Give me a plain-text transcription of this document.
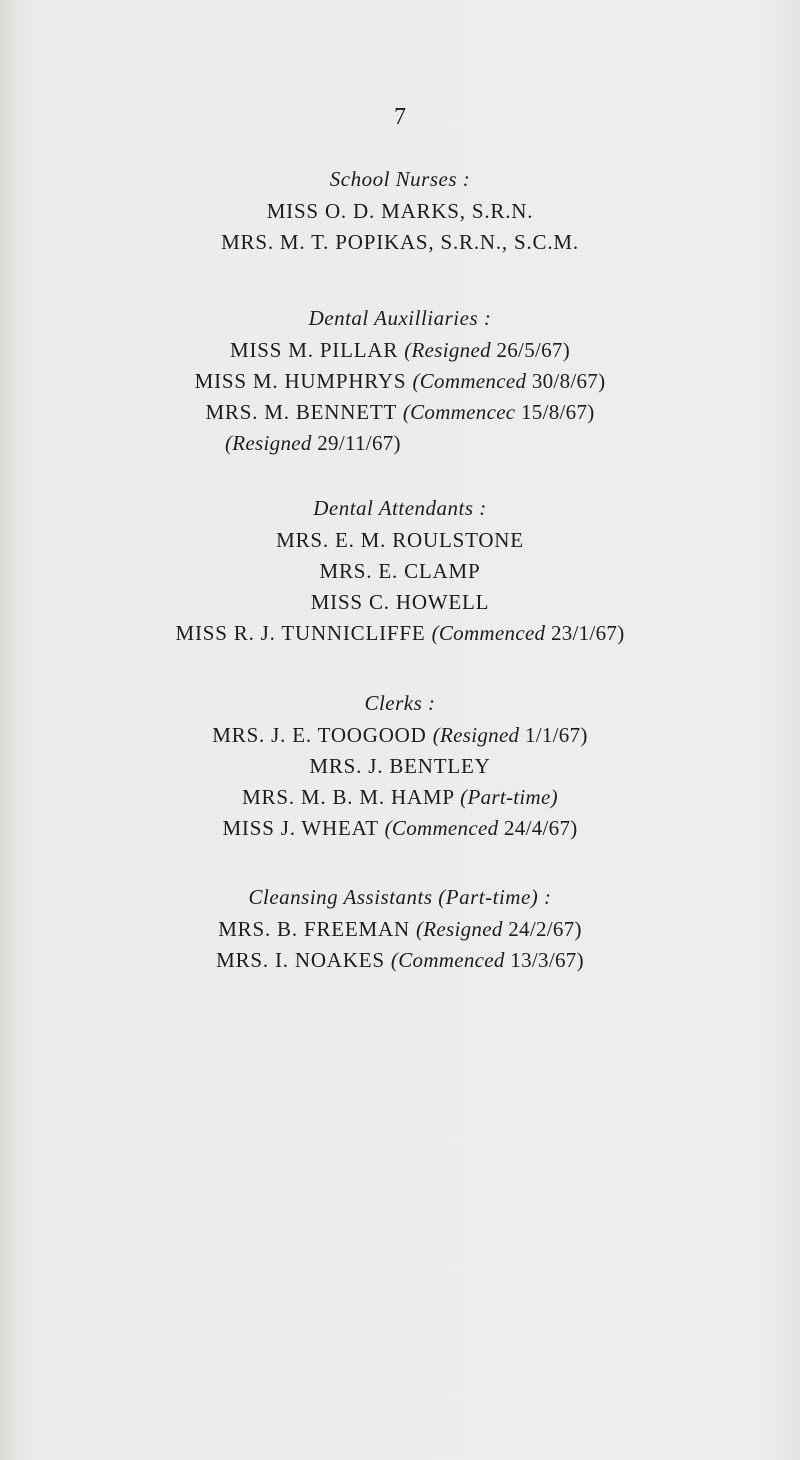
7
School Nurses :
MISS O. D. MARKS, S.R.N.
MRS. M. T. POPIKAS, S.R.N., S.C.M.
Dental Auxilliaries :
MISS M. PILLAR (Resigned 26/5/67)
MISS M. HUMPHRYS (Commenced 30/8/67)
MRS. M. BENNETT (Commencec 15/8/67)
(Resigned 29/11/67)
Dental Attendants :
MRS. E. M. ROULSTONE
MRS. E. CLAMP
MISS C. HOWELL
MISS R. J. TUNNICLIFFE (Commenced 23/1/67)
Clerks :
MRS. J. E. TOOGOOD (Resigned 1/1/67)
MRS. J. BENTLEY
MRS. M. B. M. HAMP (Part-time)
MISS J. WHEAT (Commenced 24/4/67)
Cleansing Assistants (Part-time) :
MRS. B. FREEMAN (Resigned 24/2/67)
MRS. I. NOAKES (Commenced 13/3/67)
